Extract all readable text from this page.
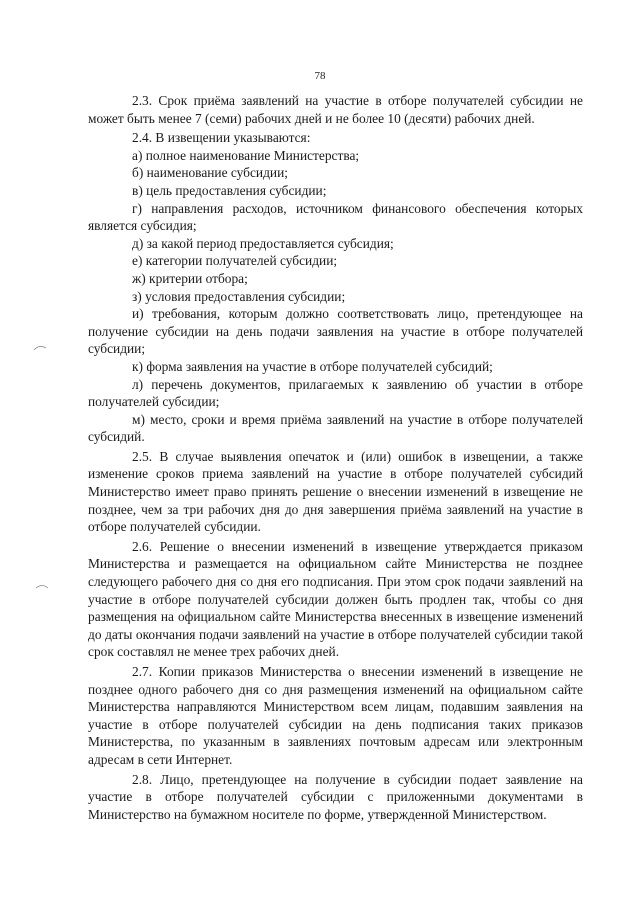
78

2.3. Срок приёма заявлений на участие в отборе получателей субсидии не может быть менее 7 (семи) рабочих дней и не более 10 (десяти) рабочих дней.

2.4. В извещении указываются:

а) полное наименование Министерства;

б) наименование субсидии;

в) цель предоставления субсидии;

г) направления расходов, источником финансового обеспечения которых является субсидия;

д) за какой период предоставляется субсидия;

е) категории получателей субсидии;

ж) критерии отбора;

з) условия предоставления субсидии;

и) требования, которым должно соответствовать лицо, претендующее на получение субсидии на день подачи заявления на участие в отборе получателей субсидии;

к) форма заявления на участие в отборе получателей субсидий;

л) перечень документов, прилагаемых к заявлению об участии в отборе получателей субсидии;

м) место, сроки и время приёма заявлений на участие в отборе получателей субсидий.

2.5. В случае выявления опечаток и (или) ошибок в извещении, а также изменение сроков приема заявлений на участие в отборе получателей субсидий Министерство имеет право принять решение о внесении изменений в извещение не позднее, чем за три рабочих дня до дня завершения приёма заявлений на участие в отборе получателей субсидии.

2.6. Решение о внесении изменений в извещение утверждается приказом Министерства и размещается на официальном сайте Министерства не позднее следующего рабочего дня со дня его подписания. При этом срок подачи заявлений на участие в отборе получателей субсидии должен быть продлен так, чтобы со дня размещения на официальном сайте Министерства внесенных в извещение изменений до даты окончания подачи заявлений на участие в отборе получателей субсидии такой срок составлял не менее трех рабочих дней.

2.7. Копии приказов Министерства о внесении изменений в извещение не позднее одного рабочего дня со дня размещения изменений на официальном сайте Министерства направляются Министерством всем лицам, подавшим заявления на участие в отборе получателей субсидии на день подписания таких приказов Министерства, по указанным в заявлениях почтовым адресам или электронным адресам в сети Интернет.

2.8. Лицо, претендующее на получение в субсидии подает заявление на участие в отборе получателей субсидии с приложенными документами в Министерство на бумажном носителе по форме, утвержденной Министерством.
